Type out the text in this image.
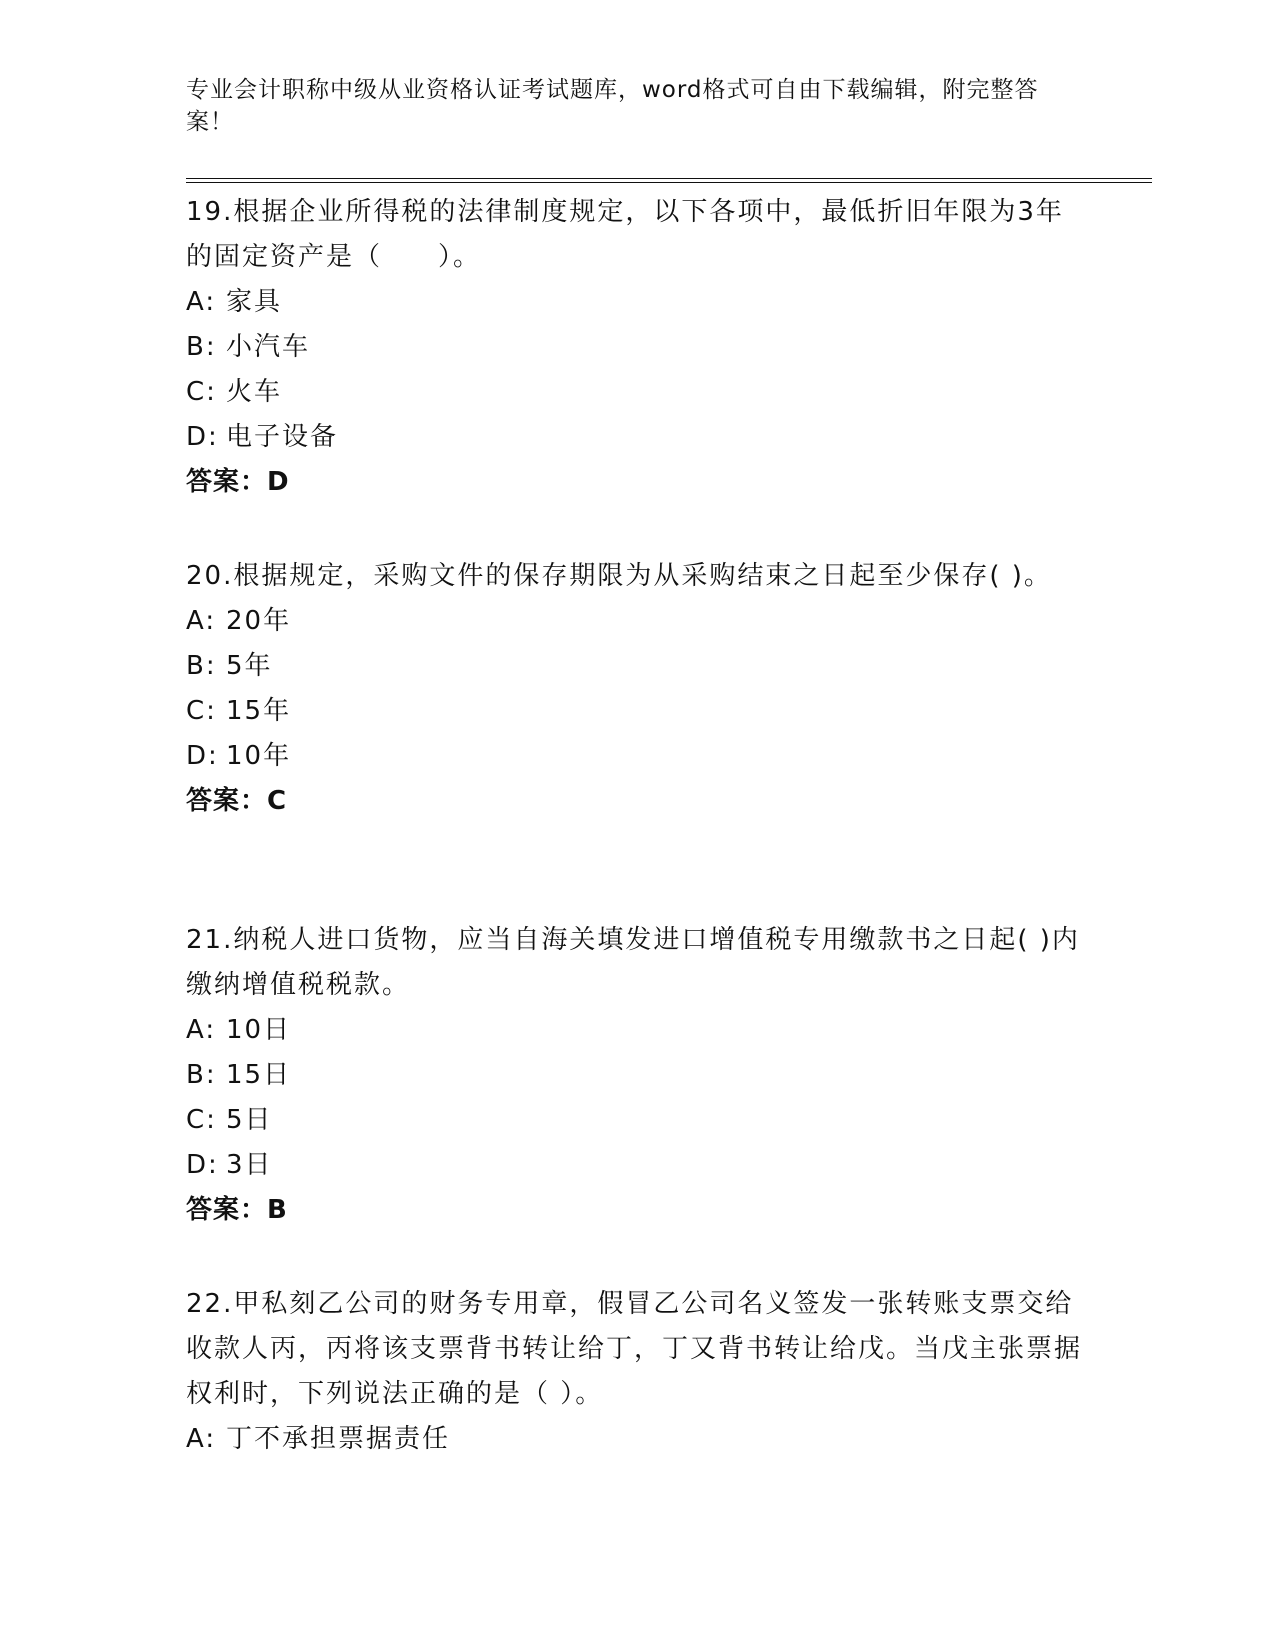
专业会计职称中级从业资格认证考试题库，word格式可自由下载编辑，附完整答案！
19.根据企业所得税的法律制度规定，以下各项中，最低折旧年限为3年的固定资产是（　　）。
A: 家具
B: 小汽车
C: 火车
D: 电子设备
答案：D
20.根据规定，采购文件的保存期限为从采购结束之日起至少保存( )。
A: 20年
B: 5年
C: 15年
D: 10年
答案：C
21.纳税人进口货物，应当自海关填发进口增值税专用缴款书之日起( )内缴纳增值税税款。
A: 10日
B: 15日
C: 5日
D: 3日
答案：B
22.甲私刻乙公司的财务专用章，假冒乙公司名义签发一张转账支票交给收款人丙，丙将该支票背书转让给丁，丁又背书转让给戊。当戊主张票据权利时，下列说法正确的是（ ）。
A: 丁不承担票据责任
